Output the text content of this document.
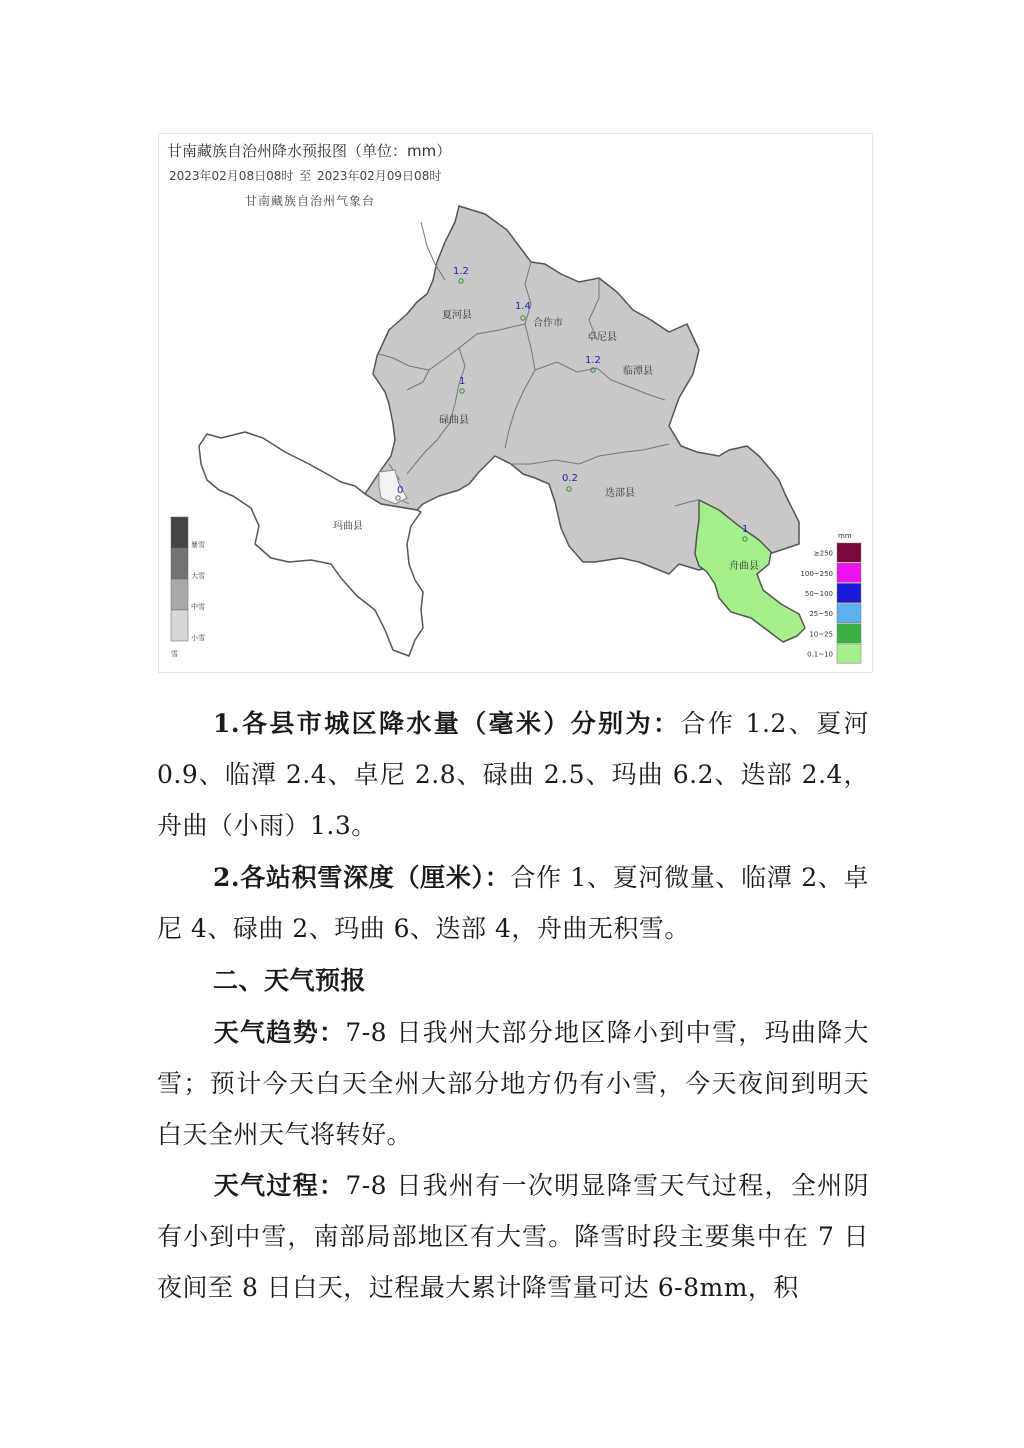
夏河县
合作市
卓尼县
临潭县
碌曲县
玛曲县
迭部县
舟曲县
1.2
1.4
1.2
1
0
0.2
1
暴雪
大雪
中雪
小雪
雪
mm
≥250
100~250
50~100
25~50
10~25
0.1~10
甘南藏族自治州降水预报图（单位：mm）
2023年02月08日08时 至 2023年02月09日08时
甘南藏族自治州气象台

1.各县市城区降水量（毫米）分别为：合作 1.2、夏河 0.9、临潭 2.4、卓尼 2.8、碌曲 2.5、玛曲 6.2、迭部 2.4，舟曲（小雨）1.3。

2.各站积雪深度（厘米）：合作 1、夏河微量、临潭 2、卓尼 4、碌曲 2、玛曲 6、迭部 4，舟曲无积雪。

二、天气预报

天气趋势：7-8 日我州大部分地区降小到中雪，玛曲降大雪；预计今天白天全州大部分地方仍有小雪，今天夜间到明天白天全州天气将转好。

天气过程：7-8 日我州有一次明显降雪天气过程，全州阴有小到中雪，南部局部地区有大雪。降雪时段主要集中在 7 日夜间至 8 日白天，过程最大累计降雪量可达 6-8mm，积
